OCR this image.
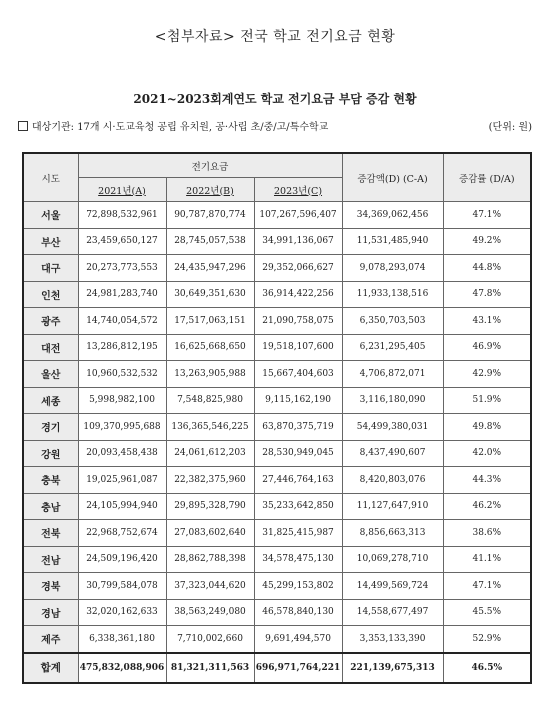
<첨부자료> 전국 학교 전기요금 현황
2021~2023회계연도 학교 전기요금 부담 증감 현황
대상기관: 17개 시·도교육청 공립 유치원, 공·사립 초/중/고/특수학교	(단위: 원)
시도	전기요금			증감액(D) (C-A)	증감률 (D/A)
	2021년(A)	2022년(B)	2023년(C)		
서울	72,898,532,961	90,787,870,774	107,267,596,407	34,369,062,456	47.1%
부산	23,459,650,127	28,745,057,538	34,991,136,067	11,531,485,940	49.2%
대구	20,273,773,553	24,435,947,296	29,352,066,627	9,078,293,074	44.8%
인천	24,981,283,740	30,649,351,630	36,914,422,256	11,933,138,516	47.8%
광주	14,740,054,572	17,517,063,151	21,090,758,075	6,350,703,503	43.1%
대전	13,286,812,195	16,625,668,650	19,518,107,600	6,231,295,405	46.9%
울산	10,960,532,532	13,263,905,988	15,667,404,603	4,706,872,071	42.9%
세종	5,998,982,100	7,548,825,980	9,115,162,190	3,116,180,090	51.9%
경기	109,370,995,688	136,365,546,225	63,870,375,719	54,499,380,031	49.8%
강원	20,093,458,438	24,061,612,203	28,530,949,045	8,437,490,607	42.0%
충북	19,025,961,087	22,382,375,960	27,446,764,163	8,420,803,076	44.3%
충남	24,105,994,940	29,895,328,790	35,233,642,850	11,127,647,910	46.2%
전북	22,968,752,674	27,083,602,640	31,825,415,987	8,856,663,313	38.6%
전남	24,509,196,420	28,862,788,398	34,578,475,130	10,069,278,710	41.1%
경북	30,799,584,078	37,323,044,620	45,299,153,802	14,499,569,724	47.1%
경남	32,020,162,633	38,563,249,080	46,578,840,130	14,558,677,497	45.5%
제주	6,338,361,180	7,710,002,660	9,691,494,570	3,353,133,390	52.9%
합계	475,832,088,906	81,321,311,563	696,971,764,221	221,139,675,313	46.5%
